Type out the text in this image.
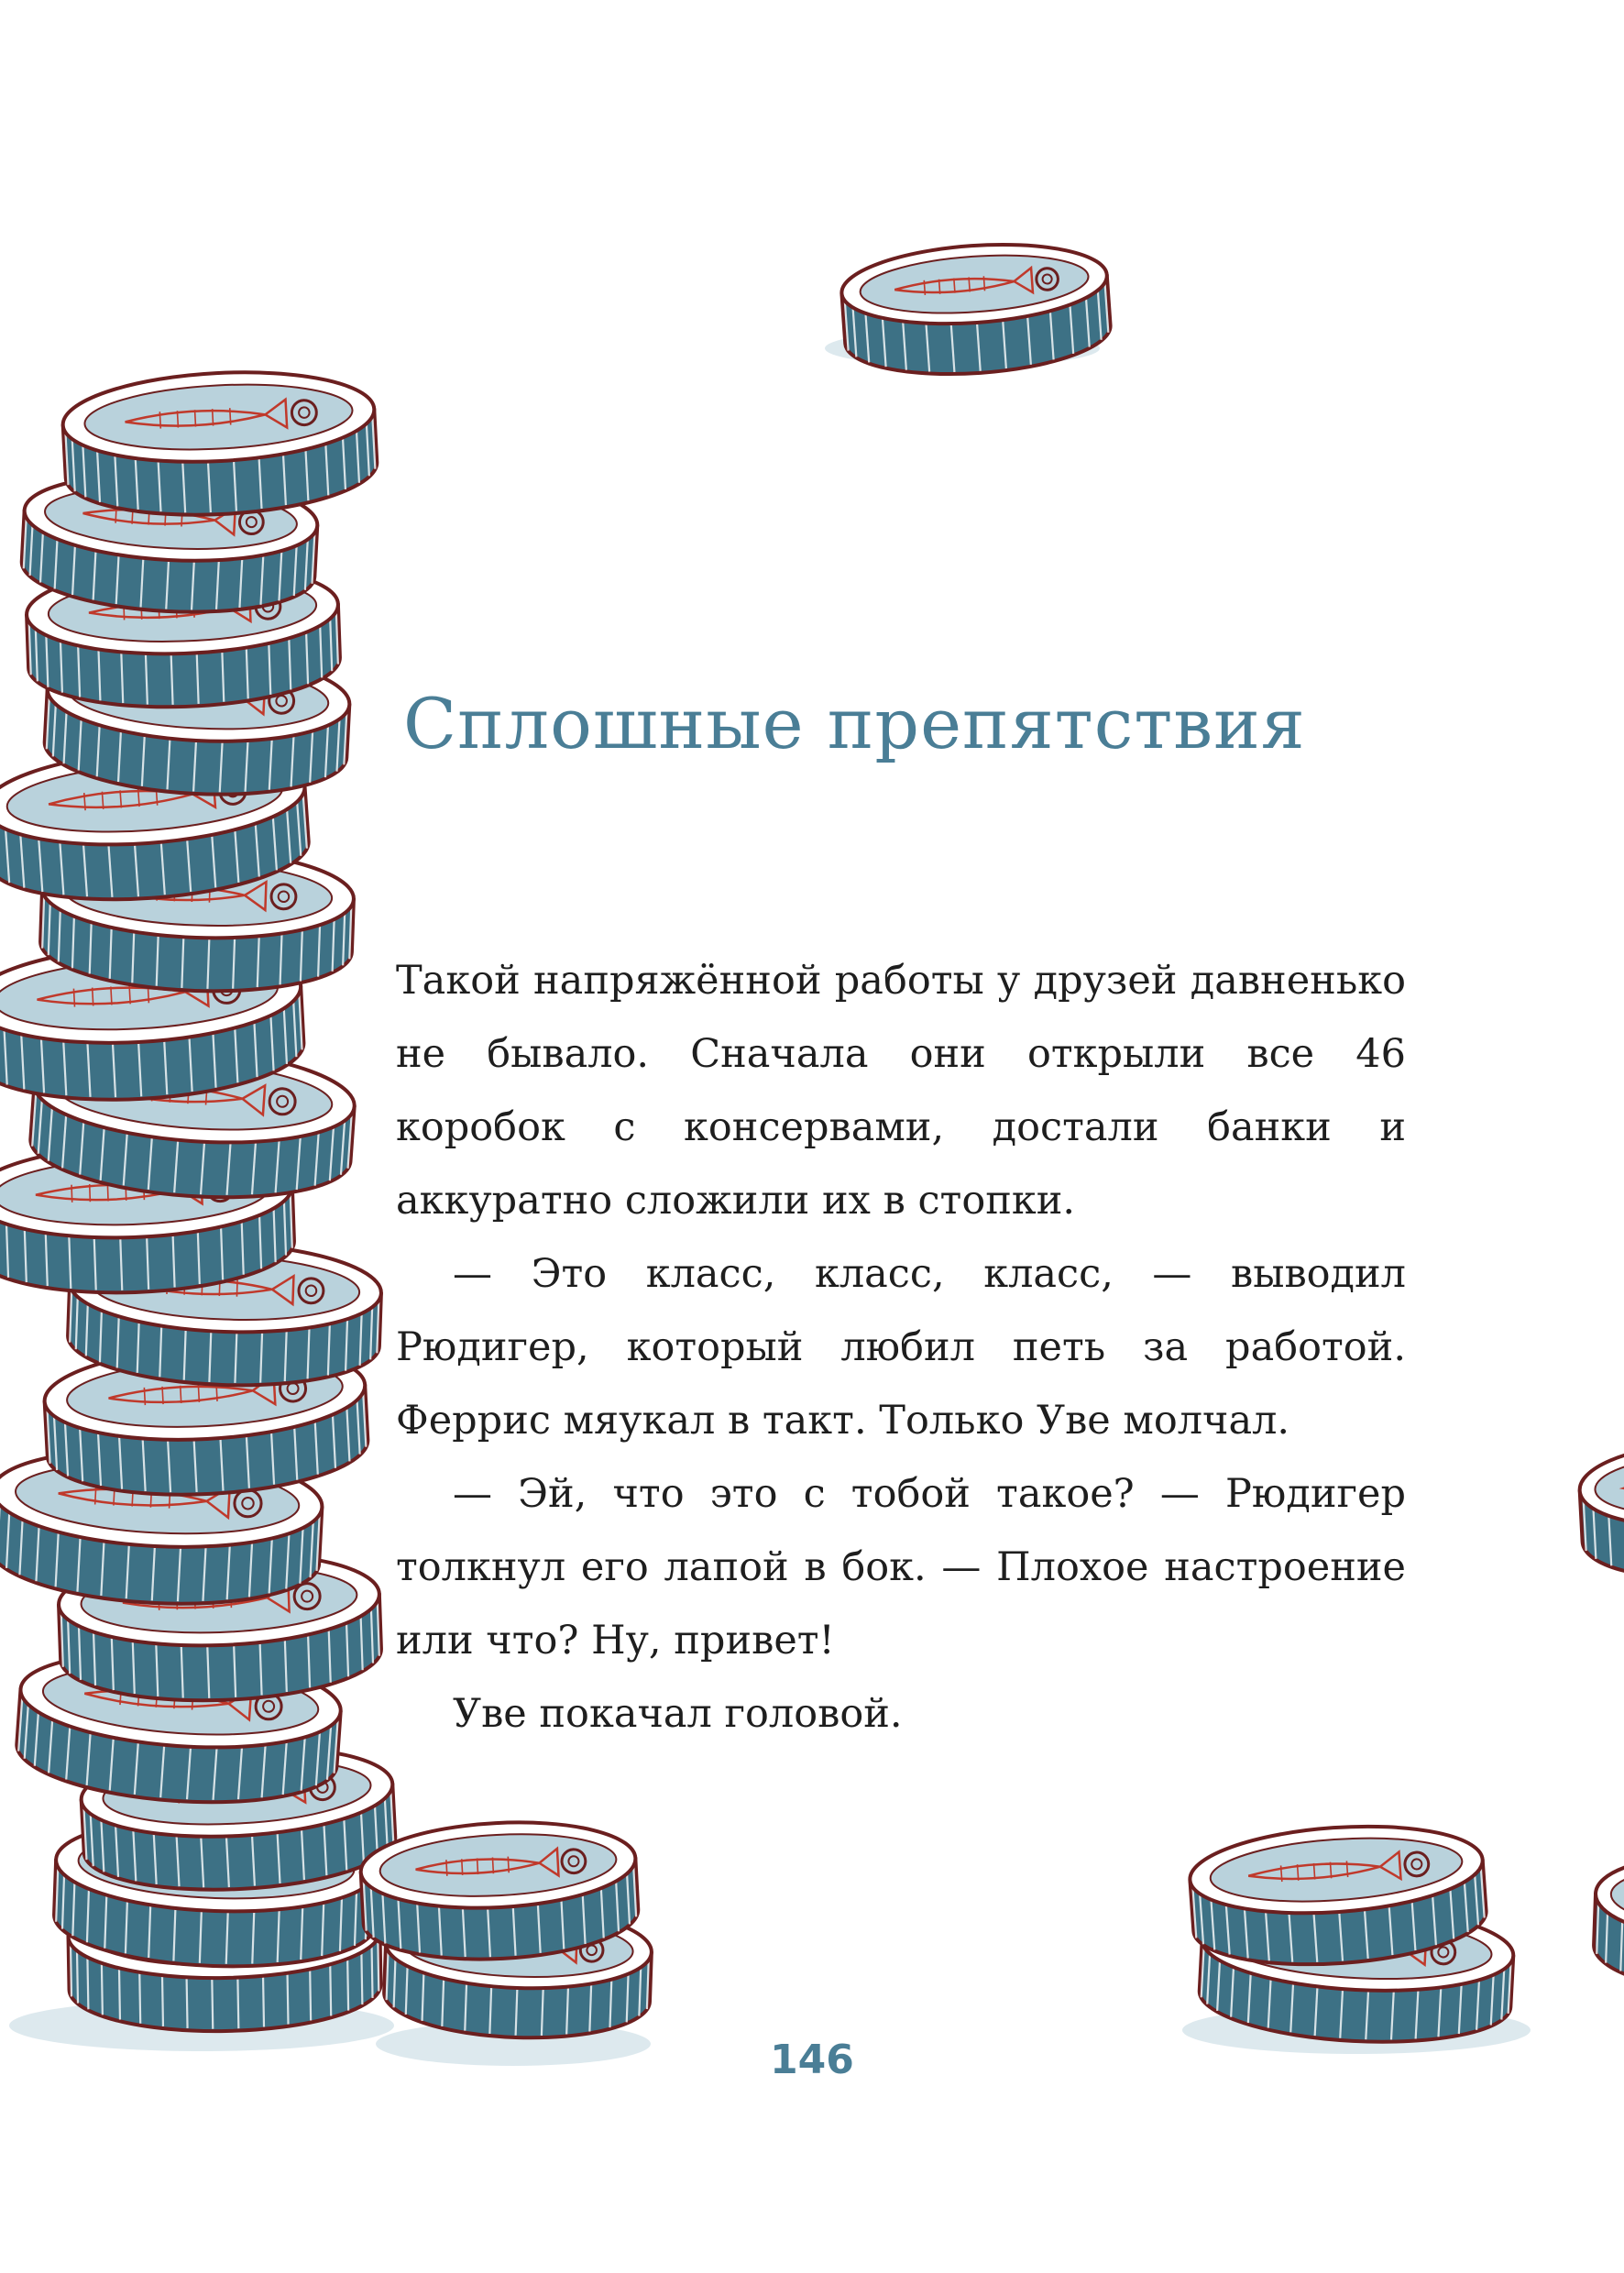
Сплошные препятствия

Такой напряжённой работы у друзей давненько не бывало. Сначала они открыли все 46 коробок с консервами, достали банки и аккуратно сложили их в стопки.

— Это класс, класс, класс, — выводил Рюдигер, который любил петь за работой. Феррис мяукал в такт. Только Уве молчал.

— Эй, что это с тобой такое? — Рюдигер толкнул его лапой в бок. — Плохое настроение или что? Ну, привет!

Уве покачал головой.

146
